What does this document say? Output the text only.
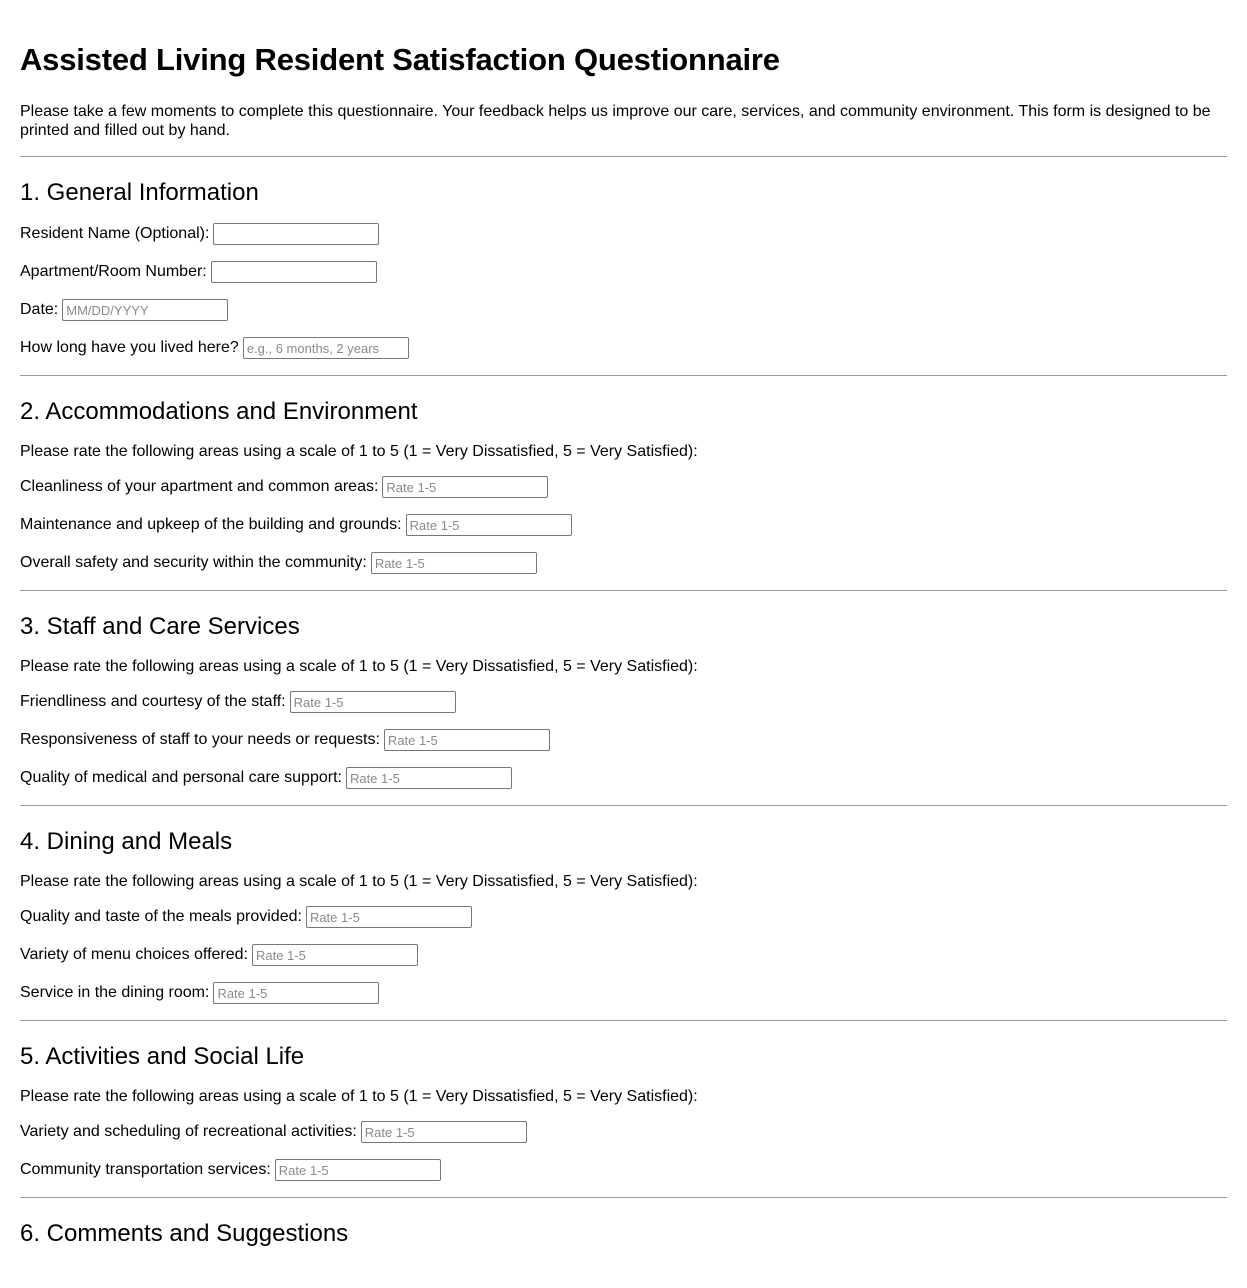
Assisted Living Resident Satisfaction Questionnaire

Please take a few moments to complete this questionnaire. Your feedback helps us improve our care, services, and community environment. This form is designed to be printed and filled out by hand.

1. General Information
Resident Name (Optional):
Apartment/Room Number:
Date:
MM/DD/YYYY
How long have you lived here?
e.g., 6 months, 2 years
2. Accommodations and Environment

Please rate the following areas using a scale of 1 to 5 (1 = Very Dissatisfied, 5 = Very Satisfied):

Cleanliness of your apartment and common areas:
Rate 1-5
Maintenance and upkeep of the building and grounds:
Rate 1-5
Overall safety and security within the community:
Rate 1-5
3. Staff and Care Services

Please rate the following areas using a scale of 1 to 5 (1 = Very Dissatisfied, 5 = Very Satisfied):

Friendliness and courtesy of the staff:
Rate 1-5
Responsiveness of staff to your needs or requests:
Rate 1-5
Quality of medical and personal care support:
Rate 1-5
4. Dining and Meals

Please rate the following areas using a scale of 1 to 5 (1 = Very Dissatisfied, 5 = Very Satisfied):

Quality and taste of the meals provided:
Rate 1-5
Variety of menu choices offered:
Rate 1-5
Service in the dining room:
Rate 1-5
5. Activities and Social Life

Please rate the following areas using a scale of 1 to 5 (1 = Very Dissatisfied, 5 = Very Satisfied):

Variety and scheduling of recreational activities:
Rate 1-5
Community transportation services:
Rate 1-5
6. Comments and Suggestions
